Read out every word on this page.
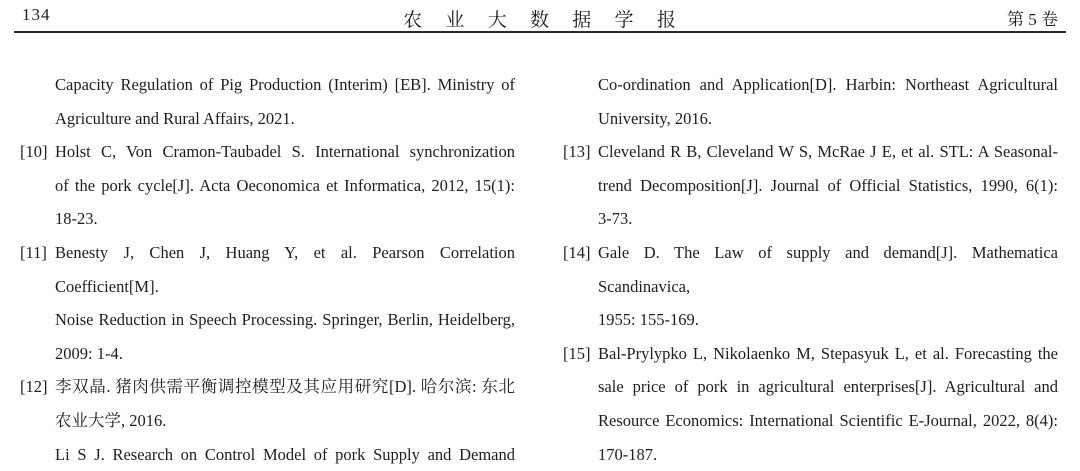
134	农 业 大 数 据 学 报	第 5 卷
Capacity Regulation of Pig Production (Interim) [EB]. Ministry of
Agriculture and Rural Affairs, 2021.
[10] Holst C, Von Cramon-Taubadel S. International synchronization
of the pork cycle[J]. Acta Oeconomica et Informatica, 2012, 15(1):
18-23.
[11] Benesty J, Chen J, Huang Y, et al. Pearson Correlation Coefficient[M].
Noise Reduction in Speech Processing. Springer, Berlin, Heidelberg,
2009: 1-4.
[12] 李双晶. 猪肉供需平衡调控模型及其应用研究[D]. 哈尔滨: 东北
农业大学, 2016.
Li S J. Research on Control Model of pork Supply and Demand
Co-ordination and Application[D]. Harbin: Northeast Agricultural
University, 2016.
[13] Cleveland R B, Cleveland W S, McRae J E, et al. STL: A Seasonal-
trend Decomposition[J]. Journal of Official Statistics, 1990, 6(1):
3-73.
[14] Gale D. The Law of supply and demand[J]. Mathematica Scandinavica,
1955: 155-169.
[15] Bal-Prylypko L, Nikolaenko M, Stepasyuk L, et al. Forecasting the
sale price of pork in agricultural enterprises[J]. Agricultural and
Resource Economics: International Scientific E-Journal, 2022, 8(4):
170-187.
